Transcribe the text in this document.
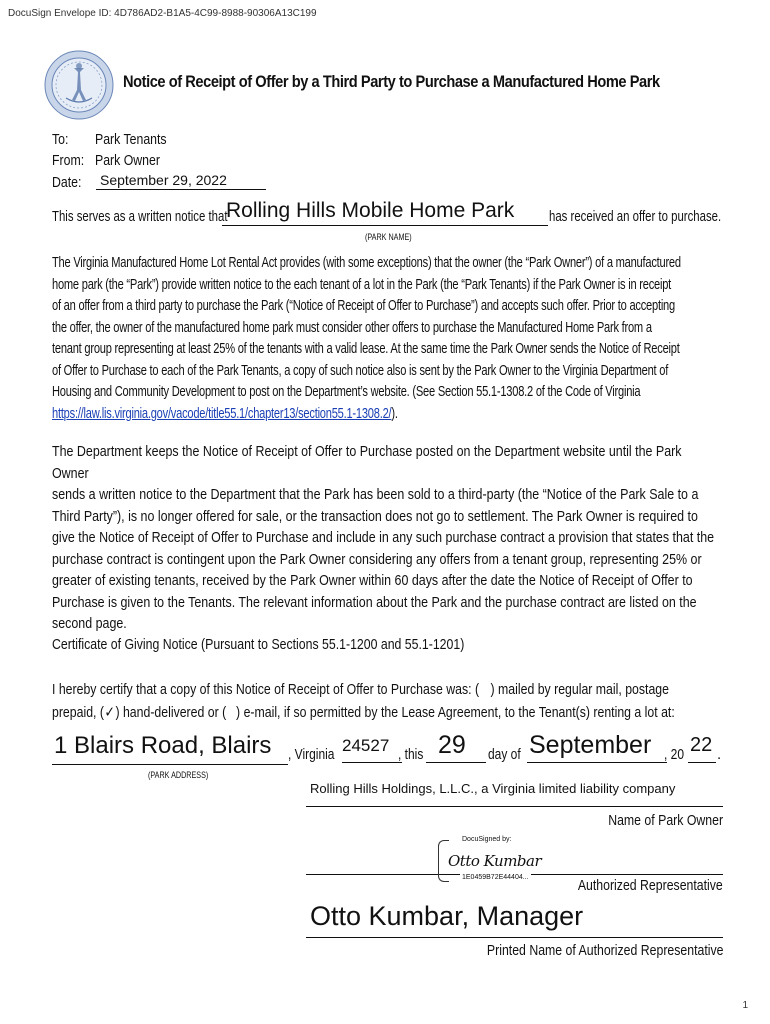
DocuSign Envelope ID: 4D786AD2-B1A5-4C99-8988-90306A13C199
Notice of Receipt of Offer by a Third Party to Purchase a Manufactured Home Park
To: Park Tenants
From: Park Owner
Date: September 29, 2022
This serves as a written notice that
Rolling Hills Mobile Home Park has received an offer to purchase.
(PARK NAME)
The Virginia Manufactured Home Lot Rental Act provides (with some exceptions) that the owner (the “Park Owner”) of a manufactured
home park (the “Park”) provide written notice to the each tenant of a lot in the Park (the “Park Tenants) if the Park Owner is in receipt
of an offer from a third party to purchase the Park (“Notice of Receipt of Offer to Purchase”) and accepts such offer. Prior to accepting
the offer, the owner of the manufactured home park must consider other offers to purchase the Manufactured Home Park from a
tenant group representing at least 25% of the tenants with a valid lease. At the same time the Park Owner sends the Notice of Receipt
of Offer to Purchase to each of the Park Tenants, a copy of such notice also is sent by the Park Owner to the Virginia Department of
Housing and Community Development to post on the Department’s website. (See Section 55.1-1308.2 of the Code of Virginia
https://law.lis.virginia.gov/vacode/title55.1/chapter13/section55.1-1308.2/).
The Department keeps the Notice of Receipt of Offer to Purchase posted on the Department website until the Park Owner
sends a written notice to the Department that the Park has been sold to a third-party (the “Notice of the Park Sale to a
Third Party”), is no longer offered for sale, or the transaction does not go to settlement. The Park Owner is required to
give the Notice of Receipt of Offer to Purchase and include in any such purchase contract a provision that states that the
purchase contract is contingent upon the Park Owner considering any offers from a tenant group, representing 25% or
greater of existing tenants, received by the Park Owner within 60 days after the date the Notice of Receipt of Offer to
Purchase is given to the Tenants. The relevant information about the Park and the purchase contract are listed on the
second page.
Certificate of Giving Notice (Pursuant to Sections 55.1-1200 and 55.1-1201)
I hereby certify that a copy of this Notice of Receipt of Offer to Purchase was: ( ) mailed by regular mail, postage
prepaid, (✓) hand-delivered or ( ) e-mail, if so permitted by the Lease Agreement, to the Tenant(s) renting a lot at:
1 Blairs Road, Blairs , Virginia 24527 , this 29 day of September , 20 22 .
(PARK ADDRESS)
Rolling Hills Holdings, L.L.C., a Virginia limited liability company
Name of Park Owner
DocuSigned by:
Otto Kumbar
1E0459B72E44404...	Authorized Representative
Otto Kumbar, Manager
Printed Name of Authorized Representative
1
